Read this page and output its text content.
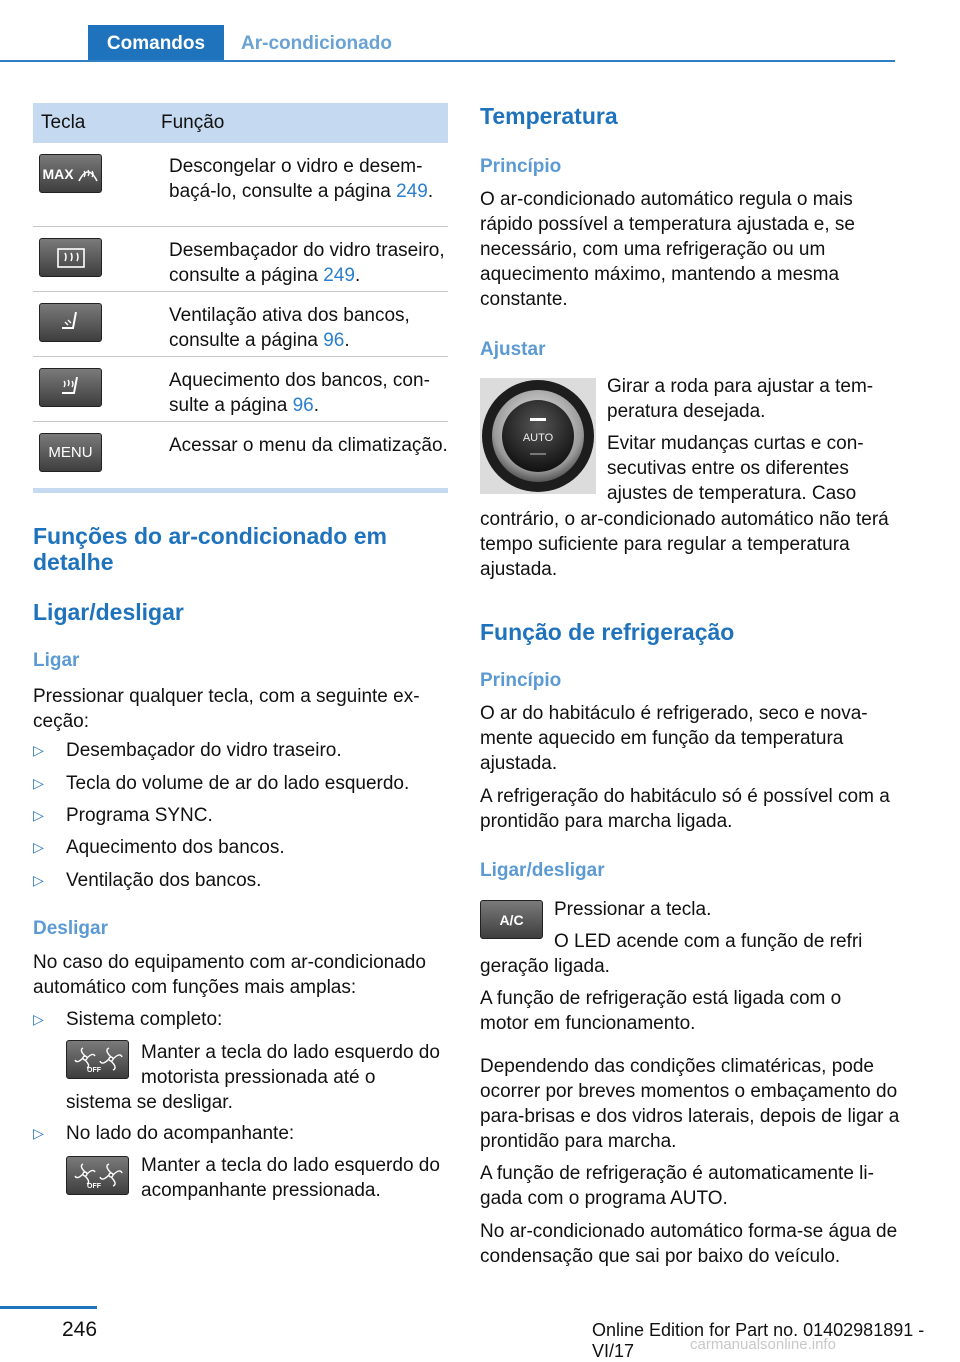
Comandos	Ar-condicionado
Tecla	Função
MAX	Descongelar o vidro e desembaçá-lo, consulte a página 249.
Desembaçador do vidro traseiro, consulte a página 249.
Ventilação ativa dos bancos, consulte a página 96.
Aquecimento dos bancos, consulte a página 96.
MENU	Acessar o menu da climatização.
Funções do ar-condicionado em detalhe
Ligar/desligar
Ligar
Pressionar qualquer tecla, com a seguinte exceção:
▷ Desembaçador do vidro traseiro.
▷ Tecla do volume de ar do lado esquerdo.
▷ Programa SYNC.
▷ Aquecimento dos bancos.
▷ Ventilação dos bancos.
Desligar
No caso do equipamento com ar-condicionado automático com funções mais amplas:
▷ Sistema completo:
OFF
Manter a tecla do lado esquerdo do motorista pressionada até o
sistema se desligar.
▷ No lado do acompanhante:
OFF
Manter a tecla do lado esquerdo do acompanhante pressionada.
Temperatura
Princípio
O ar-condicionado automático regula o mais rápido possível a temperatura ajustada e, se necessário, com uma refrigeração ou um aquecimento máximo, mantendo a mesma constante.
Ajustar
AUTO
Girar a roda para ajustar a temperatura desejada.
Evitar mudanças curtas e consecutivas entre os diferentes ajustes de temperatura. Caso
contrário, o ar-condicionado automático não terá tempo suficiente para regular a temperatura ajustada.
Função de refrigeração
Princípio
O ar do habitáculo é refrigerado, seco e novamente aquecido em função da temperatura ajustada.
A refrigeração do habitáculo só é possível com a prontidão para marcha ligada.
Ligar/desligar
A/C	Pressionar a tecla.
O LED acende com a função de refri
geração ligada.
A função de refrigeração está ligada com o motor em funcionamento.
Dependendo das condições climatéricas, pode ocorrer por breves momentos o embaçamento do para-brisas e dos vidros laterais, depois de ligar a prontidão para marcha.
A função de refrigeração é automaticamente ligada com o programa AUTO.
No ar-condicionado automático forma-se água de condensação que sai por baixo do veículo.
246	Online Edition for Part no. 01402981891 - VI/17	carmanualsonline.info
